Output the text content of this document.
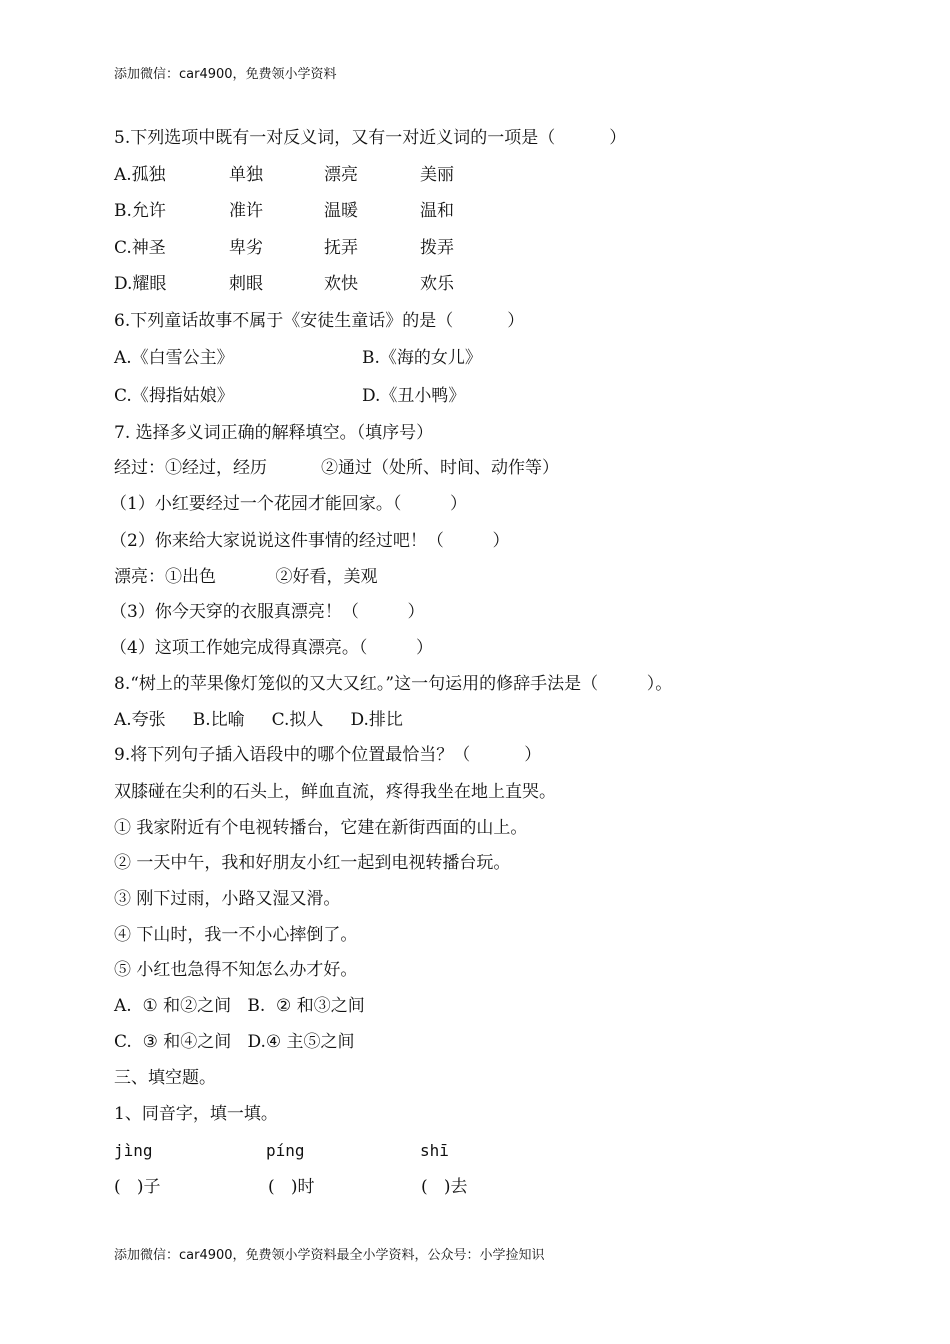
添加微信：car4900，免费领小学资料
5.下列选项中既有一对反义词，又有一对近义词的一项是（          ）
A.孤独	单独	漂亮	美丽
B.允许	准许	温暖	温和
C.神圣	卑劣	抚弄	拨弄
D.耀眼	刺眼	欢快	欢乐
6.下列童话故事不属于《安徒生童话》的是（          ）
A.《白雪公主》	B.《海的女儿》
C.《拇指姑娘》	D.《丑小鸭》
7. 选择多义词正确的解释填空。（填序号）
经过：①经过，经历          ②通过（处所、时间、动作等）
（1）小红要经过一个花园才能回家。（         ）
（2）你来给大家说说这件事情的经过吧！（         ）
漂亮：①出色           ②好看，美观
（3）你今天穿的衣服真漂亮！（         ）
（4）这项工作她完成得真漂亮。（         ）
8.“树上的苹果像灯笼似的又大又红。”这一句运用的修辞手法是（         ）。
A.夸张     B.比喻     C.拟人     D.排比
9.将下列句子插入语段中的哪个位置最恰当？（          ）
双膝碰在尖利的石头上，鲜血直流，疼得我坐在地上直哭。
① 我家附近有个电视转播台，它建在新街西面的山上。
② 一天中午，我和好朋友小红一起到电视转播台玩。
③ 刚下过雨，小路又湿又滑。
④ 下山时，我一不小心摔倒了。
⑤ 小红也急得不知怎么办才好。
A.  ① 和②之间   B.  ② 和③之间
C.  ③ 和④之间   D.④ 主⑤之间
三、填空题。
1、同音字，填一填。
jìng	píng	shī
(   )子	(   )时	(   )去
添加微信：car4900，免费领小学资料最全小学资料，公众号：小学捡知识
